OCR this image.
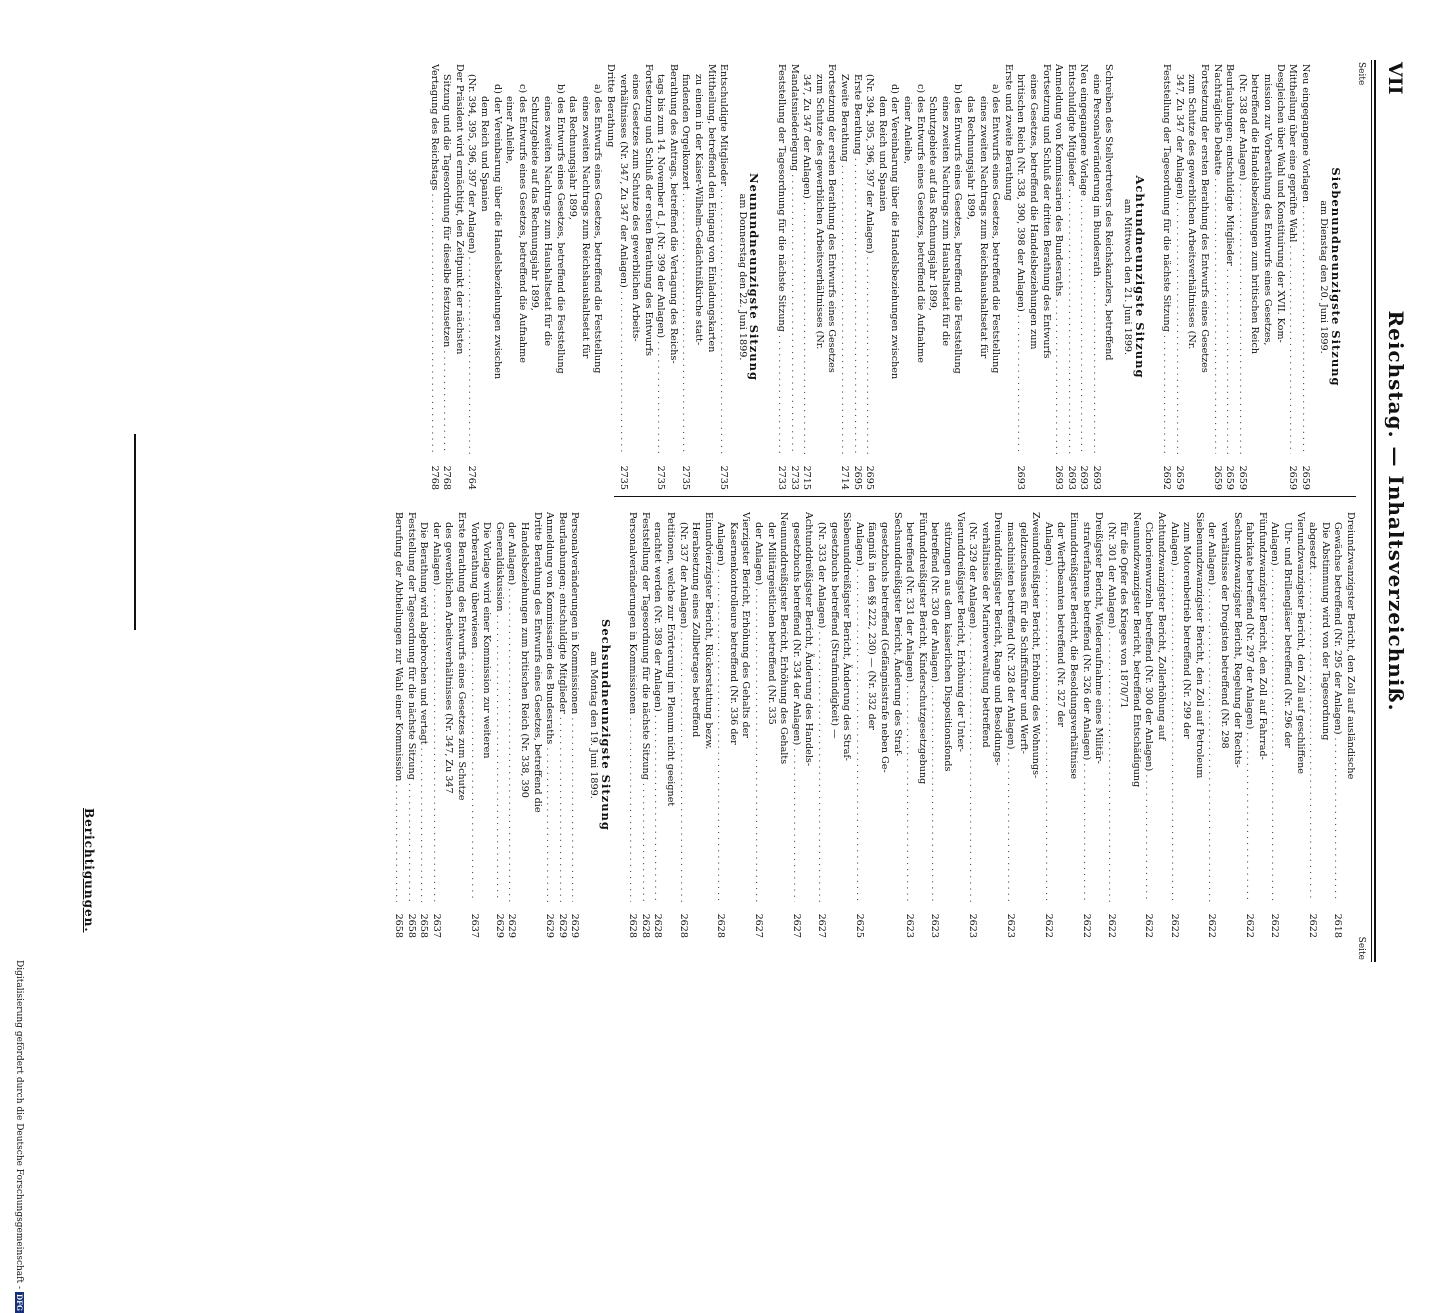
VII
Reichstag. — Inhaltsverzeichniß.
Seite
Seite
Siebenundneunzigste Sitzung
am Dienstag den 20. Juni 1899.
Neu eingegangene Vorlagen . . .
2659
Mittheilung über eine geprüfte Wahl . . .
2659
Desgleichen über Wahl und Konstituirung der XVII. Kom-
mission zur Vorberathung des Entwurfs eines Gesetzes,
betreffend die Handelsbeziehungen zum britischen Reich
(Nr. 338 der Anlagen) . . .
2659
Beurlaubungen; entschuldigte Mitglieder . . .
2659
Nachträgliche Debatte . . .
2659
Fortsetzung der ersten Berathung des Entwurfs eines Gesetzes
zum Schutze des gewerblichen Arbeitsverhältnisses (Nr.
347, Zu 347 der Anlagen) . . .
2659
Feststellung der Tagesordnung für die nächste Sitzung . . .
2692
Achtundneunzigste Sitzung
am Mittwoch den 21. Juni 1899.
Schreiben des Stellvertreters des Reichskanzlers, betreffend
eine Personalveränderung im Bundesrath . . .
2693
Neu eingegangene Vorlage . . .
2693
Entschuldigte Mitglieder . . .
2693
Anmeldung von Kommissarien des Bundesraths . . .
2693
Fortsetzung und Schluß der dritten Berathung des Entwurfs
eines Gesetzes, betreffend die Handelsbeziehungen zum
britischen Reich (Nr. 338, 390, 398 der Anlagen) . . .
2693
Erste und zweite Berathung
a) des Entwurfs eines Gesetzes, betreffend die Feststellung
eines zweiten Nachtrags zum Reichshaushaltsetat für
das Rechnungsjahr 1899,
b) des Entwurfs eines Gesetzes, betreffend die Feststellung
eines zweiten Nachtrags zum Haushaltsetat für die
Schutzgebiete auf das Rechnungsjahr 1899,
c) des Entwurfs eines Gesetzes, betreffend die Aufnahme
einer Anleihe,
d) der Vereinbarung über die Handelsbeziehungen zwischen
dem Reich und Spanien
(Nr. 394, 395, 396, 397 der Anlagen) . . .
2695
Erste Berathung . . .
2695
Zweite Berathung . . .
2714
Fortsetzung der ersten Berathung des Entwurfs eines Gesetzes
zum Schutze des gewerblichen Arbeitsverhältnisses (Nr.
347, Zu 347 der Anlagen) . . .
2715
Mandatsniederlegung . . .
2733
Feststellung der Tagesordnung für die nächste Sitzung . . .
2733
Neunundneunzigste Sitzung
am Donnerstag den 22. Juni 1899.
Entschuldigte Mitglieder . . .
2735
Mittheilung, betreffend den Eingang von Einladungskarten
zu einem in der Kaiser-Wilhelm-Gedächtnißkirche statt-
findenden Orgelkonzert . . .
2735
Berathung des Antrags, betreffend die Vertagung des Reichs-
tags bis zum 14. November d. J. (Nr. 399 der Anlagen) . . .
2735
Fortsetzung und Schluß der ersten Berathung des Entwurfs
eines Gesetzes zum Schutze des gewerblichen Arbeits-
verhältnisses (Nr. 347, Zu 347 der Anlagen) . . .
2735
Dritte Berathung
a) des Entwurfs eines Gesetzes, betreffend die Feststellung
eines zweiten Nachtrags zum Reichshaushaltsetat für
das Rechnungsjahr 1899,
b) des Entwurfs eines Gesetzes, betreffend die Feststellung
eines zweiten Nachtrags zum Haushaltsetat für die
Schutzgebiete auf das Rechnungsjahr 1899,
c) des Entwurfs eines Gesetzes, betreffend die Aufnahme
einer Anleihe,
d) der Vereinbarung über die Handelsbeziehungen zwischen
dem Reich und Spanien
(Nr. 394, 395, 396, 397 der Anlagen) . . .
2764
Der Präsident wird ermächtigt, den Zeitpunkt der nächsten
Sitzung und die Tagesordnung für dieselbe festzusetzen . . .
2768
Vertagung des Reichstags . . .
2768
Dreiundzwanzigster Bericht, den Zoll auf ausländische
Gewächse betreffend (Nr. 295 der Anlagen) . . .
2618
Die Abstimmung wird von der Tagesordnung
abgesetzt . . .
2622
Vierundzwanzigster Bericht, den Zoll auf geschliffene
Uhr- und Brillengläser betreffend (Nr. 296 der
Anlagen) . . .
2622
Fünfundzwanzigster Bericht, den Zoll auf Fahrrad-
fabrikate betreffend (Nr. 297 der Anlagen) . . .
2622
Sechsundzwanzigster Bericht, Regelung der Rechts-
verhältnisse der Drogisten betreffend (Nr. 298
der Anlagen) . . .
2622
Siebenundzwanzigster Bericht, den Zoll auf Petroleum
zum Motorenbetrieb betreffend (Nr. 299 der
Anlagen) . . .
2622
Achtundzwanzigster Bericht, Zollerhöhung auf
Cichorienwurzeln betreffend (Nr. 300 der Anlagen) . . .
2622
Neunundzwanzigster Bericht, betreffend Entschädigung
für die Opfer des Krieges von 1870/71
(Nr. 301 der Anlagen) . . .
2622
Dreißigster Bericht, Wiederaufnahme eines Militär-
strafverfahrens betreffend (Nr. 326 der Anlagen) . . .
2622
Einunddreißigster Bericht, die Besoldungsverhältnisse
der Werftbeamten betreffend (Nr. 327 der
Anlagen) . . .
2622
Zweiunddreißigster Bericht, Erhöhung des Wohnungs-
geldzuschusses für die Schiffsführer und Werft-
maschinisten betreffend (Nr. 328 der Anlagen) . . .
2623
Dreiunddreißigster Bericht, Range und Besoldungs-
verhältnisse der Marineverwaltung betreffend
(Nr. 329 der Anlagen) . . .
2623
Vierunddreißigster Bericht, Erhöhung der Unter-
stützungen aus dem kaiserlichen Dispositionsfonds
betreffend (Nr. 330 der Anlagen) . . .
2623
Fünfunddreißigster Bericht, Kinderschutzgesetzgebung
betreffend (Nr. 331 der Anlagen) . . .
2623
Sechsunddreißigster Bericht, Änderung des Straf-
gesetzbuchs betreffend (Gefängnisstrafe neben Ge-
fängniß in den §§ 222, 230) — (Nr. 332 der
Anlagen) . . .
2625
Siebenunddreißigster Bericht, Änderung des Straf-
gesetzbuchs betreffend (Strafmündigkeit) —
(Nr. 333 der Anlagen) . . .
2627
Achtunddreißigster Bericht, Änderung des Handels-
gesetzbuchs betreffend (Nr. 334 der Anlagen) . . .
2627
Neununddreißigster Bericht, Erhöhung des Gehalts
der Militärgeistlichen betreffend (Nr. 335
der Anlagen) . . .
2627
Vierzigster Bericht, Erhöhung des Gehalts der
Kasernenkontrolleure betreffend (Nr. 336 der
Anlagen) . . .
2628
Einundvierzigster Bericht, Rückerstattung bezw.
Herabsetzung eines Zollbetrages betreffend
(Nr. 337 der Anlagen) . . .
2628
Petitionen, welche zur Erörterung im Plenum nicht geeignet
erachtet werden (Nr. 389 der Anlagen) . . .
2628
Feststellung der Tagesordnung für die nächste Sitzung . . .
2628
Personalveränderungen in Kommissionen . . .
2628
Sechsundneunzigste Sitzung
am Montag den 19. Juni 1899.
Personalveränderungen in Kommissionen . . .
2629
Beurlaubungen; entschuldigte Mitglieder . . .
2629
Anmeldung von Kommissarien des Bundesraths . . .
2629
Dritte Berathung des Entwurfs eines Gesetzes, betreffend die
Handelsbeziehungen zum britischen Reich (Nr. 338, 390
der Anlagen) . . .
2629
Generaldiskussion . . .
2629
Die Vorlage wird einer Kommission zur weiteren
Vorberathung überwiesen . . .
2637
Erste Berathung des Entwurfs eines Gesetzes zum Schutze
des gewerblichen Arbeitsverhältnisses (Nr. 347, Zu 347
der Anlagen) . . .
2637
Die Berathung wird abgebrochen und vertagt . . .
2658
Feststellung der Tagesordnung für die nächste Sitzung . . .
2658
Berufung der Abtheilungen zur Wahl einer Kommission . . .
2658
Berichtigungen.
Digitalisierung gefördert durch die Deutsche Forschungsgemeinschaft -DFG
